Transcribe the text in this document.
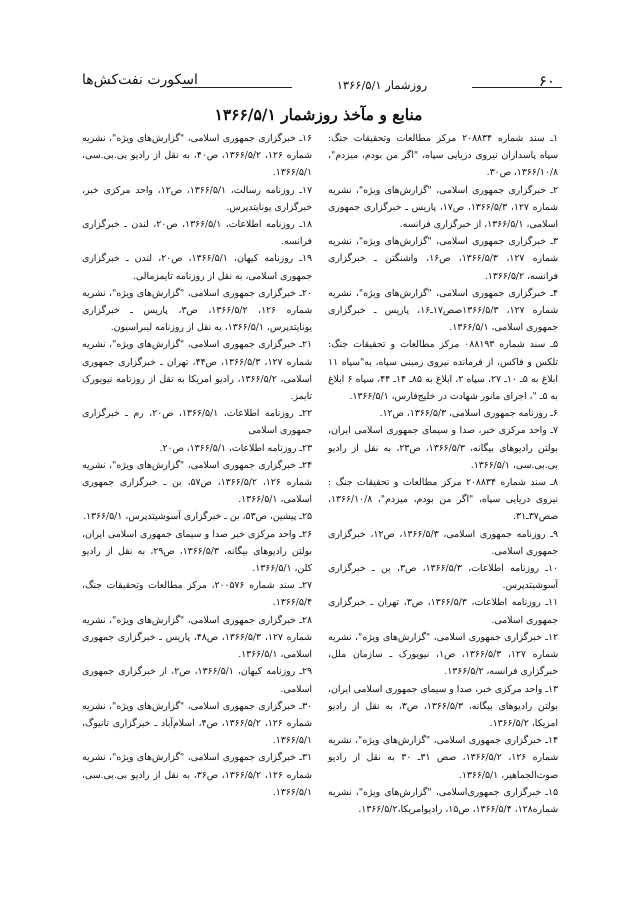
اسکورت نفت‌کش‌ها	روزشمار ۱۳۶۶/۵/۱	۶۰
منابع و مآخذ روزشمار ۱۳۶۶/۵/۱

۱ـ سند شماره ۲۰۸۸۳۴ مرکز مطالعات وتحقیقات جنگ: سپاه پاسداران نیروی دریایی سپاه، "اگر من بودم، میزدم"، ۱۳۶۶/۱۰/۸، ص۳۰.

۲ـ خبرگزاری جمهوری اسلامی، "گزارش‌های ویژه"، نشریه شماره ۱۲۷، ۱۳۶۶/۵/۳، ص۱۷، پاریس ـ خبرگزاری جمهوری اسلامی، ۱۳۶۶/۵/۱، از خبرگزاری فرانسه.

۳ـ خبرگزاری جمهوری اسلامی، "گزارش‌های ویژه"، نشریه شماره ۱۲۷، ۱۳۶۶/۵/۳، ص۱۶، واشنگتن ـ خبرگزاری فرانسه، ۱۳۶۶/۵/۲.

۴ـ خبرگزاری جمهوری اسلامی، "گزارش‌های ویژه"، نشریه شماره ۱۲۷، ۱۳۶۶/۵/۳صص۱۷ـ۱۶، پاریس ـ خبرگزاری جمهوری اسلامی، ۱۳۶۶/۵/۱.

۵ـ سند شماره ۰۸۸۱۹۳ مرکز مطالعات و تحقیقات جنگ: تلکس و فاکس، از فرمانده نیروی زمینی سپاه، به"سپاه ۱۱ ابلاغ به ۵ـ ۱۰ـ ۲۷، سپاه ۲، ابلاغ به ۸۵ـ ۱۴ـ ۴۴، سپاه ۶ ابلاغ به ۵ـ "، اجرای مانور شهادت در خلیج‌فارس، ۱۳۶۶/۵/۱.

۶ـ روزنامه جمهوری اسلامی، ۱۳۶۶/۵/۳، ص۱۲.

۷ـ واحد مرکزی خبر، صدا و سیمای جمهوری اسلامی ایران، بولتن رادیوهای بیگانه، ۱۳۶۶/۵/۳، ص۲۳، به نقل از رادیو بی.بی.سی، ۱۳۶۶/۵/۱.

۸ـ سند شماره ۲۰۸۸۳۴ مرکز مطالعات و تحقیقات جنگ : نیروی دریایی سپاه، "اگر من بودم، میزدم"، ۱۳۶۶/۱۰/۸، صص۳۷ـ۳۱.

۹ـ روزنامه جمهوری اسلامی، ۱۳۶۶/۵/۳، ص۱۲، خبرگزاری جمهوری اسلامی.

۱۰ـ روزنامه اطلاعات، ۱۳۶۶/۵/۳، ص۳، بن ـ خبرگزاری آسوشیتدپرس.

۱۱ـ روزنامه اطلاعات، ۱۳۶۶/۵/۳، ص۳، تهران ـ خبرگزاری جمهوری اسلامی.

۱۲ـ خبرگزاری جمهوری اسلامی، "گزارش‌های ویژه"، نشریه شماره ۱۲۷، ۱۳۶۶/۵/۳، ص۱، نیویورک ـ سازمان ملل، خبرگزاری فرانسه، ۱۳۶۶/۵/۲.

۱۳ـ واحد مرکزی خبر، صدا و سیمای جمهوری اسلامی ایران، بولتن رادیوهای بیگانه، ۱۳۶۶/۵/۳، ص۳، به نقل از رادیو امریکا، ۱۳۶۶/۵/۲.

۱۴ـ خبرگزاری جمهوری اسلامی، "گزارش‌های ویژه"، نشریه شماره ۱۲۶، ۱۳۶۶/۵/۲، صص ۳۱ـ ۳۰ به نقل از رادیو صوت‌الجماهیر، ۱۳۶۶/۵/۱.

۱۵ـ خبرگزاری جمهوری‌اسلامی، "گزارش‌های ویژه"، نشریه شماره۱۲۸، ۱۳۶۶/۵/۴، ص۱۵، رادیوامریکا،۱۳۶۶/۵/۲.

۱۶ـ خبرگزاری جمهوری اسلامی، "گزارش‌های ویژه"، نشریه شماره ۱۲۶، ۱۳۶۶/۵/۲، ص۴۰، به نقل از رادیو بی.بی.سی، ۱۳۶۶/۵/۱.

۱۷ـ روزنامه رسالت، ۱۳۶۶/۵/۱، ص۱۲، واحد مرکزی خبر، خبرگزاری یونایتدپرس.

۱۸ـ روزنامه اطلاعات، ۱۳۶۶/۵/۱، ص۲۰، لندن ـ خبرگزاری فرانسه.

۱۹ـ روزنامه کیهان، ۱۳۶۶/۵/۱، ص۲۰، لندن ـ خبرگزاری جمهوری اسلامی، به نقل از روزنامه تایمزمالی.

۲۰ـ خبرگزاری جمهوری اسلامی، "گزارش‌های ویژه"، نشریه شماره ۱۲۶، ۱۳۶۶/۵/۲، ص۳، پاریس ـ خبرگزاری یونایتدپرس، ۱۳۶۶/۵/۱، به نقل از روزنامه لیبراسیون.

۲۱ـ خبرگزاری جمهوری اسلامی، "گزارش‌های ویژه"، نشریه شماره ۱۲۷، ۱۳۶۶/۵/۳، ص۴۴، تهران ـ خبرگزاری جمهوری اسلامی، ۱۳۶۶/۵/۲، رادیو امریکا به نقل از روزنامه نیویورک تایمز.

۲۲ـ روزنامه اطلاعات، ۱۳۶۶/۵/۱، ص۲۰، رم ـ خبرگزاری جمهوری اسلامی

۲۳ـ روزنامه اطلاعات، ۱۳۶۶/۵/۱، ص۲۰.

۲۴ـ خبرگزاری جمهوری اسلامی، "گزارش‌های ویژه"، نشریه شماره ۱۲۶، ۱۳۶۶/۵/۲، ص۵۷، بن ـ خبرگزاری جمهوری اسلامی، ۱۳۶۶/۵/۱.

۲۵ـ پیشین، ص۵۳، بن ـ خبرگزاری آسوشیتدپرس، ۱۳۶۶/۵/۱.

۲۶ـ واحد مرکزی خبر صدا و سیمای جمهوری اسلامی ایران، بولتن رادیوهای بیگانه، ۱۳۶۶/۵/۳، ص۲۹، به نقل از رادیو کلن، ۱۳۶۶/۵/۱.

۲۷ـ سند شماره ۲۰۰۵۷۶، مرکز مطالعات وتحقیقات جنگ، ۱۳۶۶/۵/۴.

۲۸ـ خبرگزاری جمهوری اسلامی، "گزارش‌های ویژه"، نشریه شماره ۱۲۷، ۱۳۶۶/۵/۳، ص۴۸، پاریس ـ خبرگزاری جمهوری اسلامی، ۱۳۶۶/۵/۱.

۲۹ـ روزنامه کیهان، ۱۳۶۶/۵/۱، ص۲، از خبرگزاری جمهوری اسلامی.

۳۰ـ خبرگزاری جمهوری اسلامی، "گزارش‌های ویژه"، نشریه شماره ۱۲۶، ۱۳۶۶/۵/۲، ص۴، اسلام‌آباد ـ خبرگزاری تانیوگ، ۱۳۶۶/۵/۱.

۳۱ـ خبرگزاری جمهوری اسلامی، "گزارش‌های ویژه"، نشریه شماره ۱۲۶، ۱۳۶۶/۵/۲، ص۳۶، به نقل از رادیو بی.بی.سی، ۱۳۶۶/۵/۱.
